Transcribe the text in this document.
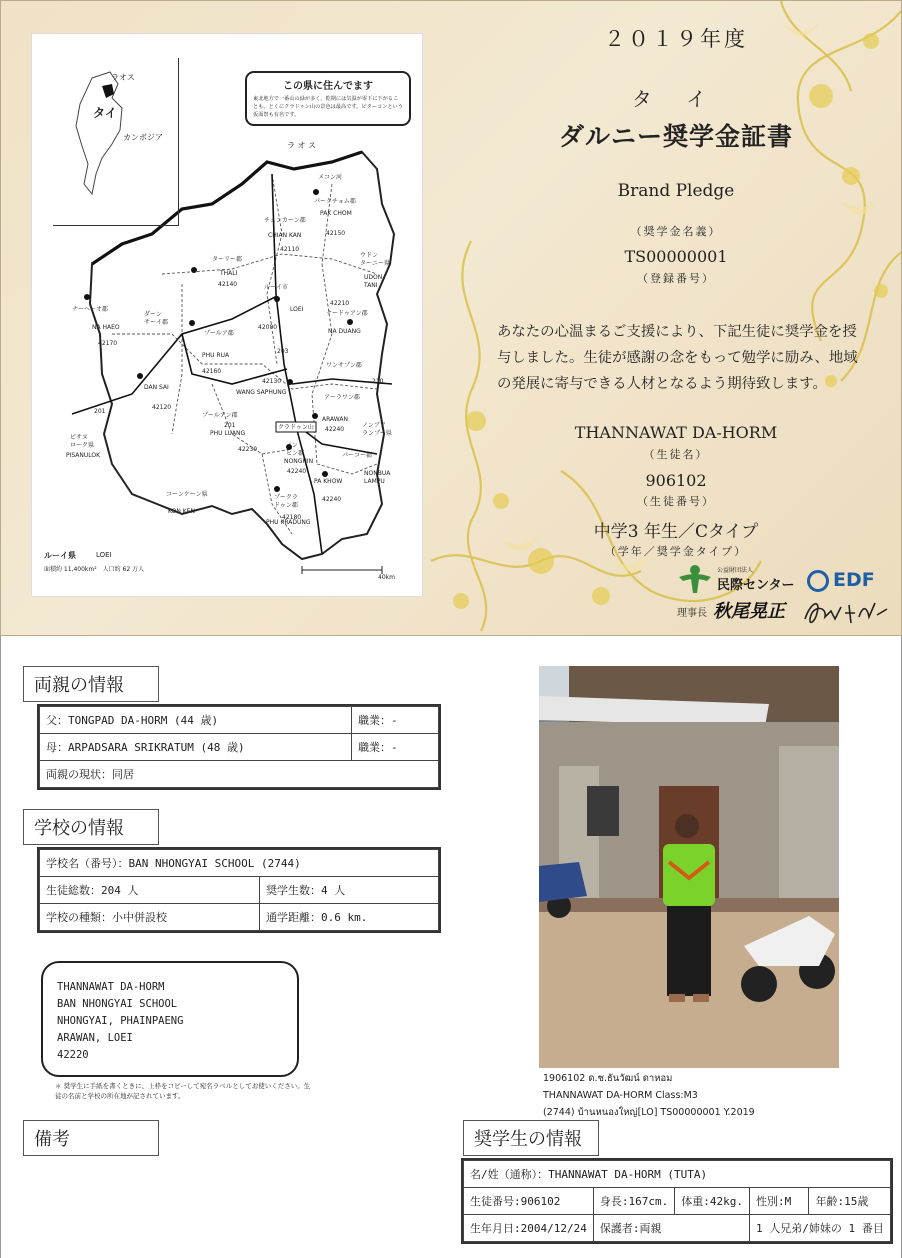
ラオス
タイ
カンボジア
この県に住んでます
東北地方で一番山の緑が多く、乾期には気温が零下に下がることも。とくにクラドゥン山の景色は最高です。ピターコンという仮面祭も有名です。
ラ オ ス
メコン河
パークチョム郡
PAK CHOM
チェンカーン郡
CHIAN KAN
42110
42150
ウドン
ターニー県
UDON
TANI
ターリー郡
THALI
42140	ルーイ市
LOEI
42000
ナーヘーオ郡
NA HAEO
42170
ダーン
サーイ郡
プールア郡
PHU RUA
42160
42210
ナードゥアン郡
NA DUANG
ワンサプン郡
WANG SAPHUNG
42130
DAN SAI
42120
プールアン郡
PHU LUANG
42230
アーラワン郡
ARAWAN
42240
ノンブア
ランプー県
ピサヌ
ローク県
PISANULOK
クラドゥン山
ノン
ヒン郡
NONGHIN
42240
パーコー郡
PA KHOW
NONBUA
LAMPU
42240
プークラ
ドゥン郡
42180
PHU KRADUNG
コーンケーン県
KON KEN
201
203
210
201
40km
ルーイ県	LOEI
面積約 11,400km²　人口約 62 万人
２０１９年度
タ イ
ダルニー奨学金証書
Brand Pledge
（奨学金名義）
TS00000001
（登録番号）
あなたの心温まるご支援により、下記生徒に奨学金を授与しました。生徒が感謝の念をもって勉学に励み、地域の発展に寄与できる人材となるよう期待致します。
THANNAWAT DA-HORM
（生徒名）
906102
（生徒番号）
中学3 年生／Cタイプ
（学年／奨学金タイプ）
公益財団法人
民際センター EDF
理事長 秋尾晃正
両親の情報
父：TONGPAD DA-HORM (44 歳)	職業：-
母：ARPADSARA SRIKRATUM (48 歳)	職業：-
両親の現状：同居	
学校の情報
学校名（番号）：BAN NHONGYAI SCHOOL (2744)	
生徒総数：204 人	奨学生数：4 人
学校の種類：小中併設校	通学距離：0.6 km.
THANNAWAT DA-HORM
BAN NHONGYAI SCHOOL
NHONGYAI, PHAINPAENG
ARAWAN, LOEI
42220
＊ 奨学生に手紙を書くときに、上枠をコピーして宛名ラベルとしてお使いください。生徒の名前と学校の所在地が記されています。
備考
1906102 ด.ช.ธันวัฒน์ ดาหอม
THANNAWAT DA-HORM Class:M3
(2744) บ้านหนองใหญ่[LO] TS00000001 Y.2019
奨学生の情報
名/姓（通称）：THANNAWAT DA-HORM (TUTA)				
生徒番号:906102	身長:167cm.	体重:42kg.	性別:M	年齢:15歳
生年月日:2004/12/24	保護者:両親		1 人兄弟/姉妹の 1 番目	
